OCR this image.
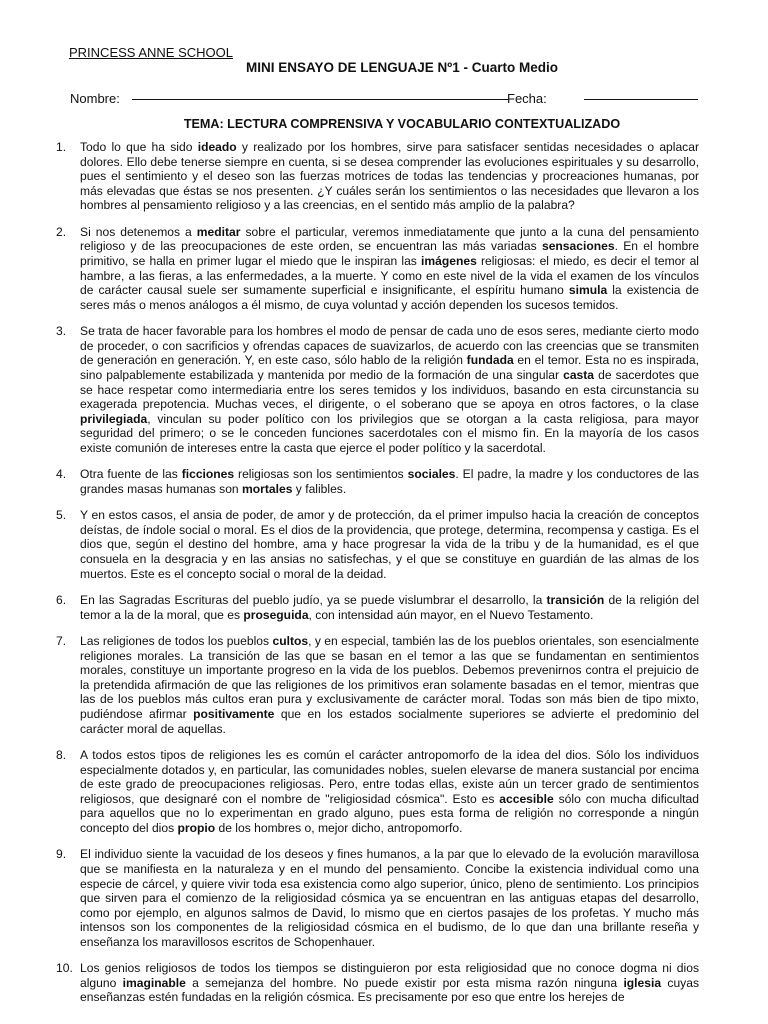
PRINCESS ANNE SCHOOL
MINI ENSAYO DE LENGUAJE Nº1 - Cuarto Medio
Nombre:	Fecha:
TEMA: LECTURA COMPRENSIVA Y VOCABULARIO CONTEXTUALIZADO
1. Todo lo que ha sido ideado y realizado por los hombres, sirve para satisfacer sentidas necesidades o aplacar dolores. Ello debe tenerse siempre en cuenta, si se desea comprender las evoluciones espirituales y su desarrollo, pues el sentimiento y el deseo son las fuerzas motrices de todas las tendencias y procreaciones humanas, por más elevadas que éstas se nos presenten. ¿Y cuáles serán los sentimientos o las necesidades que llevaron a los hombres al pensamiento religioso y a las creencias, en el sentido más amplio de la palabra?
2. Si nos detenemos a meditar sobre el particular, veremos inmediatamente que junto a la cuna del pensamiento religioso y de las preocupaciones de este orden, se encuentran las más variadas sensaciones. En el hombre primitivo, se halla en primer lugar el miedo que le inspiran las imágenes religiosas: el miedo, es decir el temor al hambre, a las fieras, a las enfermedades, a la muerte. Y como en este nivel de la vida el examen de los vínculos de carácter causal suele ser sumamente superficial e insignificante, el espíritu humano simula la existencia de seres más o menos análogos a él mismo, de cuya voluntad y acción dependen los sucesos temidos.
3. Se trata de hacer favorable para los hombres el modo de pensar de cada uno de esos seres, mediante cierto modo de proceder, o con sacrificios y ofrendas capaces de suavizarlos, de acuerdo con las creencias que se transmiten de generación en generación. Y, en este caso, sólo hablo de la religión fundada en el temor. Esta no es inspirada, sino palpablemente estabilizada y mantenida por medio de la formación de una singular casta de sacerdotes que se hace respetar como intermediaria entre los seres temidos y los individuos, basando en esta circunstancia su exagerada prepotencia. Muchas veces, el dirigente, o el soberano que se apoya en otros factores, o la clase privilegiada, vinculan su poder político con los privilegios que se otorgan a la casta religiosa, para mayor seguridad del primero; o se le conceden funciones sacerdotales con el mismo fin. En la mayoría de los casos existe comunión de intereses entre la casta que ejerce el poder político y la sacerdotal.
4. Otra fuente de las ficciones religiosas son los sentimientos sociales. El padre, la madre y los conductores de las grandes masas humanas son mortales y falibles.
5. Y en estos casos, el ansia de poder, de amor y de protección, da el primer impulso hacia la creación de conceptos deístas, de índole social o moral. Es el dios de la providencia, que protege, determina, recompensa y castiga. Es el dios que, según el destino del hombre, ama y hace progresar la vida de la tribu y de la humanidad, es el que consuela en la desgracia y en las ansias no satisfechas, y el que se constituye en guardián de las almas de los muertos. Este es el concepto social o moral de la deidad.
6. En las Sagradas Escrituras del pueblo judío, ya se puede vislumbrar el desarrollo, la transición de la religión del temor a la de la moral, que es proseguida, con intensidad aún mayor, en el Nuevo Testamento.
7. Las religiones de todos los pueblos cultos, y en especial, también las de los pueblos orientales, son esencialmente religiones morales. La transición de las que se basan en el temor a las que se fundamentan en sentimientos morales, constituye un importante progreso en la vida de los pueblos. Debemos prevenirnos contra el prejuicio de la pretendida afirmación de que las religiones de los primitivos eran solamente basadas en el temor, mientras que las de los pueblos más cultos eran pura y exclusivamente de carácter moral. Todas son más bien de tipo mixto, pudiéndose afirmar positivamente que en los estados socialmente superiores se advierte el predominio del carácter moral de aquellas.
8. A todos estos tipos de religiones les es común el carácter antropomorfo de la idea del dios. Sólo los individuos especialmente dotados y, en particular, las comunidades nobles, suelen elevarse de manera sustancial por encima de este grado de preocupaciones religiosas. Pero, entre todas ellas, existe aún un tercer grado de sentimientos religiosos, que designaré con el nombre de "religiosidad cósmica". Esto es accesible sólo con mucha dificultad para aquellos que no lo experimentan en grado alguno, pues esta forma de religión no corresponde a ningún concepto del dios propio de los hombres o, mejor dicho, antropomorfo.
9. El individuo siente la vacuidad de los deseos y fines humanos, a la par que lo elevado de la evolución maravillosa que se manifiesta en la naturaleza y en el mundo del pensamiento. Concibe la existencia individual como una especie de cárcel, y quiere vivir toda esa existencia como algo superior, único, pleno de sentimiento. Los principios que sirven para el comienzo de la religiosidad cósmica ya se encuentran en las antiguas etapas del desarrollo, como por ejemplo, en algunos salmos de David, lo mismo que en ciertos pasajes de los profetas. Y mucho más intensos son los componentes de la religiosidad cósmica en el budismo, de lo que dan una brillante reseña y enseñanza los maravillosos escritos de Schopenhauer.
10. Los genios religiosos de todos los tiempos se distinguieron por esta religiosidad que no conoce dogma ni dios alguno imaginable a semejanza del hombre. No puede existir por esta misma razón ninguna iglesia cuyas enseñanzas estén fundadas en la religión cósmica. Es precisamente por eso que entre los herejes de
